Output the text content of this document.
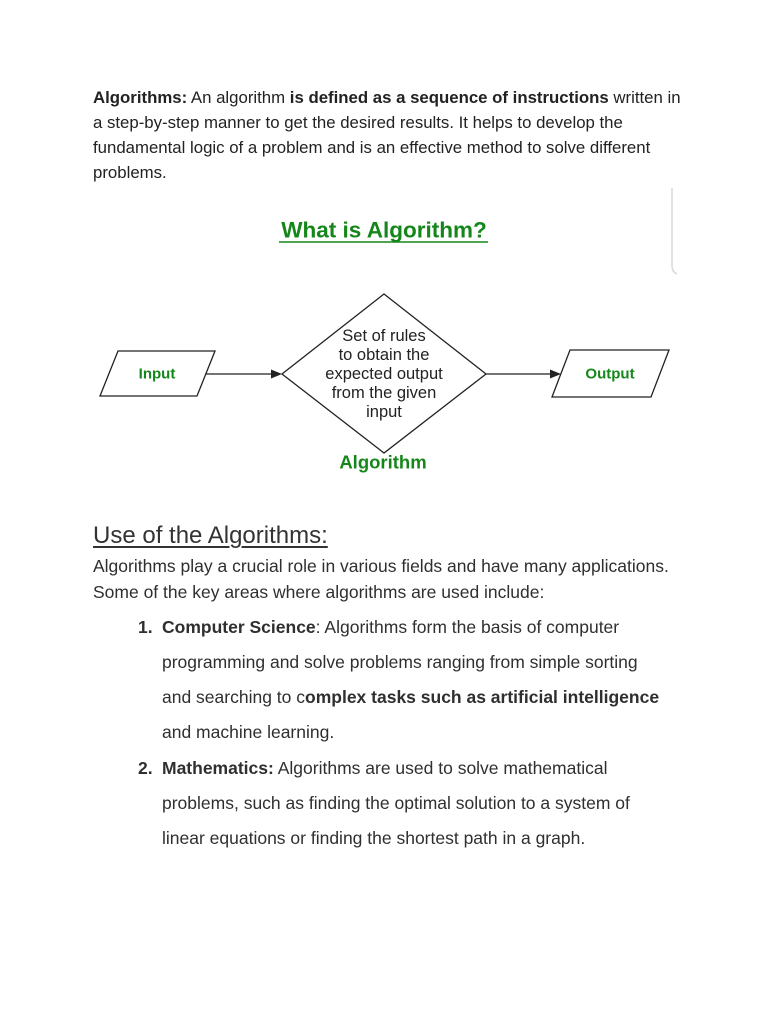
Algorithms: An algorithm is defined as a sequence of instructions written in
a step-by-step manner to get the desired results. It helps to develop the
fundamental logic of a problem and is an effective method to solve different
problems.
What is Algorithm?
Input
Set of rules
to obtain the
expected output
from the given
input
Output
Algorithm
Use of the Algorithms:
Algorithms play a crucial role in various fields and have many applications.
Some of the key areas where algorithms are used include:
1. Computer Science: Algorithms form the basis of computer
programming and solve problems ranging from simple sorting
and searching to complex tasks such as artificial intelligence
and machine learning.
2. Mathematics: Algorithms are used to solve mathematical
problems, such as finding the optimal solution to a system of
linear equations or finding the shortest path in a graph.
